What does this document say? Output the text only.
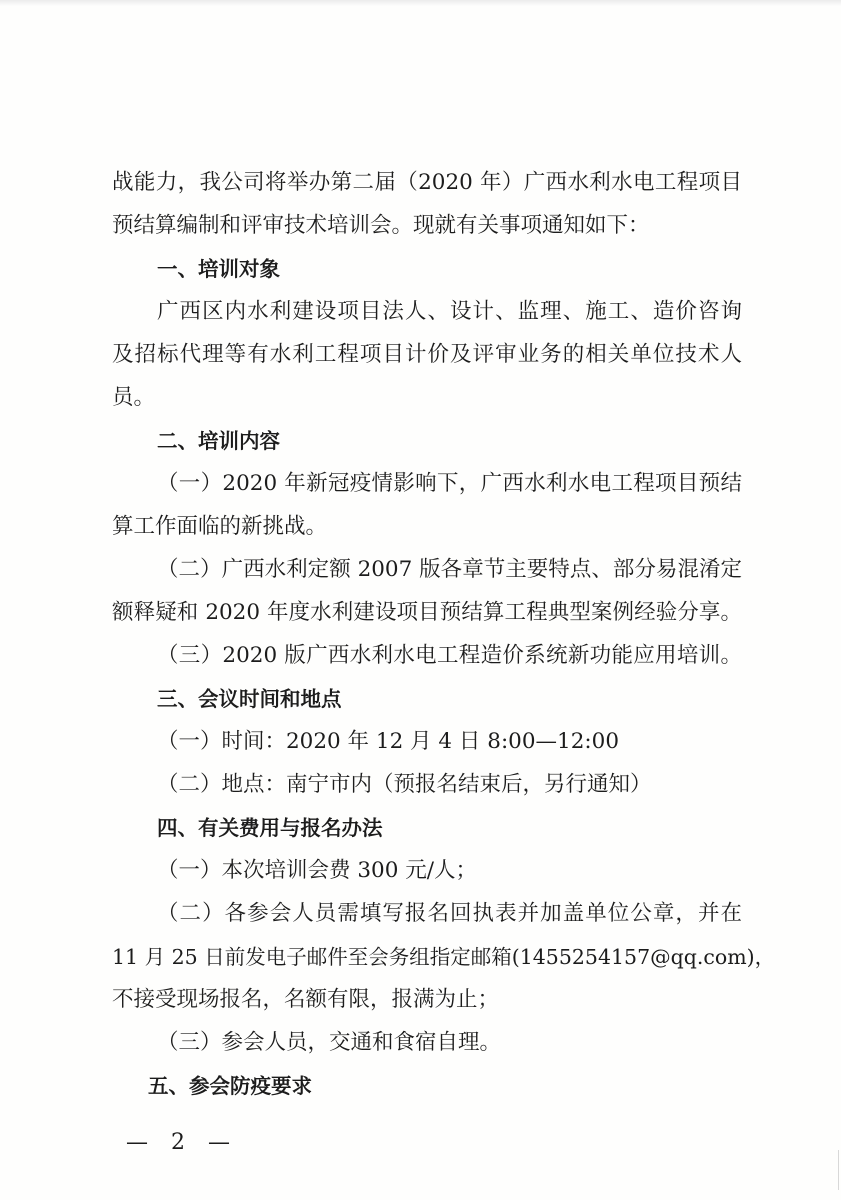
战能力，我公司将举办第二届（2020 年）广西水利水电工程项目
预结算编制和评审技术培训会。现就有关事项通知如下：
一、培训对象
广西区内水利建设项目法人、设计、监理、施工、造价咨询
及招标代理等有水利工程项目计价及评审业务的相关单位技术人
员。
二、培训内容
（一）2020 年新冠疫情影响下，广西水利水电工程项目预结
算工作面临的新挑战。
（二）广西水利定额 2007 版各章节主要特点、部分易混淆定
额释疑和 2020 年度水利建设项目预结算工程典型案例经验分享。
（三）2020 版广西水利水电工程造价系统新功能应用培训。
三、会议时间和地点
（一）时间：2020 年 12 月 4 日 8:00—12:00
（二）地点：南宁市内（预报名结束后，另行通知）
四、有关费用与报名办法
（一）本次培训会费 300 元/人；
（二）各参会人员需填写报名回执表并加盖单位公章，并在
11 月 25 日前发电子邮件至会务组指定邮箱(1455254157@qq.com)，
不接受现场报名，名额有限，报满为止；
（三）参会人员，交通和食宿自理。
五、参会防疫要求
— 2 —
